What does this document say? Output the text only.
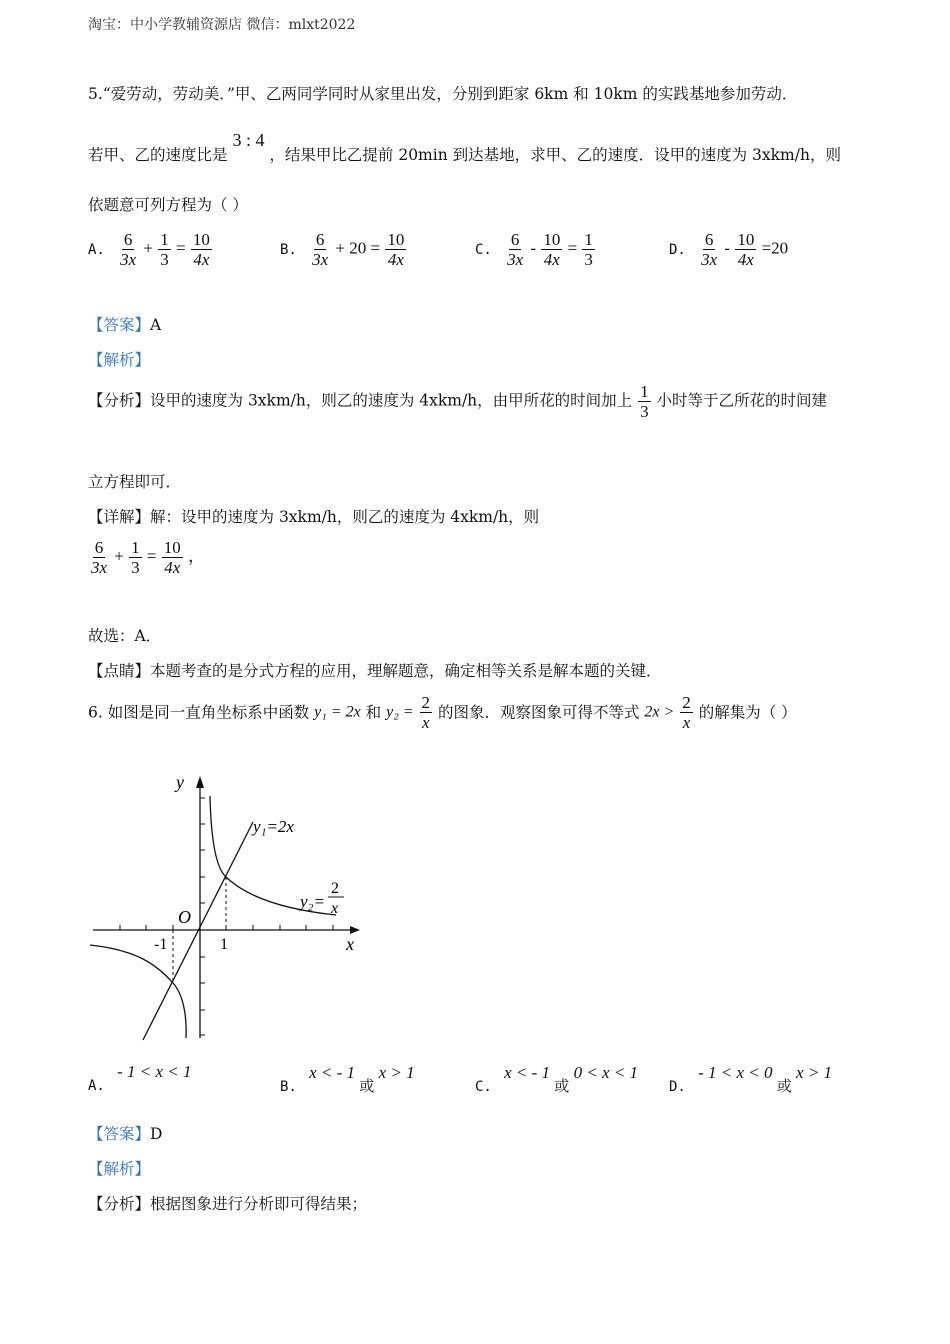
淘宝：中小学教辅资源店 微信：mlxt2022
5.“爱劳动，劳动美．”甲、乙两同学同时从家里出发，分别到距家 6km 和 10km 的实践基地参加劳动．
若甲、乙的速度比是 3 : 4 ，结果甲比乙提前 20min 到达基地，求甲、乙的速度．设甲的速度为 3xkm/h，则
依题意可列方程为（ ）
A. $\frac{6}{3x} + \frac{1}{3} = \frac{10}{4x}$	B. $\frac{6}{3x} + 20 = \frac{10}{4x}$	C. $\frac{6}{3x} - \frac{10}{4x} = \frac{1}{3}$	D. $\frac{6}{3x} - \frac{10}{4x} =20$
【答案】A
【解析】
【分析】设甲的速度为 3xkm/h，则乙的速度为 4xkm/h，由甲所花的时间加上 $\frac{1}{3}$ 小时等于乙所花的时间建
立方程即可．
【详解】解：设甲的速度为 3xkm/h，则乙的速度为 4xkm/h，则
$\frac{6}{3x} + \frac{1}{3} = \frac{10}{4x}$ ，
故选：A．
【点睛】本题考查的是分式方程的应用，理解题意，确定相等关系是解本题的关键．
6. 如图是同一直角坐标系中函数 y₁ = 2x 和 $y_2 = \frac{2}{x}$ 的图象．观察图象可得不等式 $2x > \frac{2}{x}$ 的解集为（ ）
y
x
O
-1	1
y₁=2x
y₂=
2
x
$_{A.}$ - 1 < x < 1
$_{B.}$ x < - 1 或 x > 1
$_{C.}$ x < - 1 或 0 < x < 1
$_{D.}$ - 1 < x < 0 或 x > 1
【答案】D
【解析】
【分析】根据图象进行分析即可得结果；
